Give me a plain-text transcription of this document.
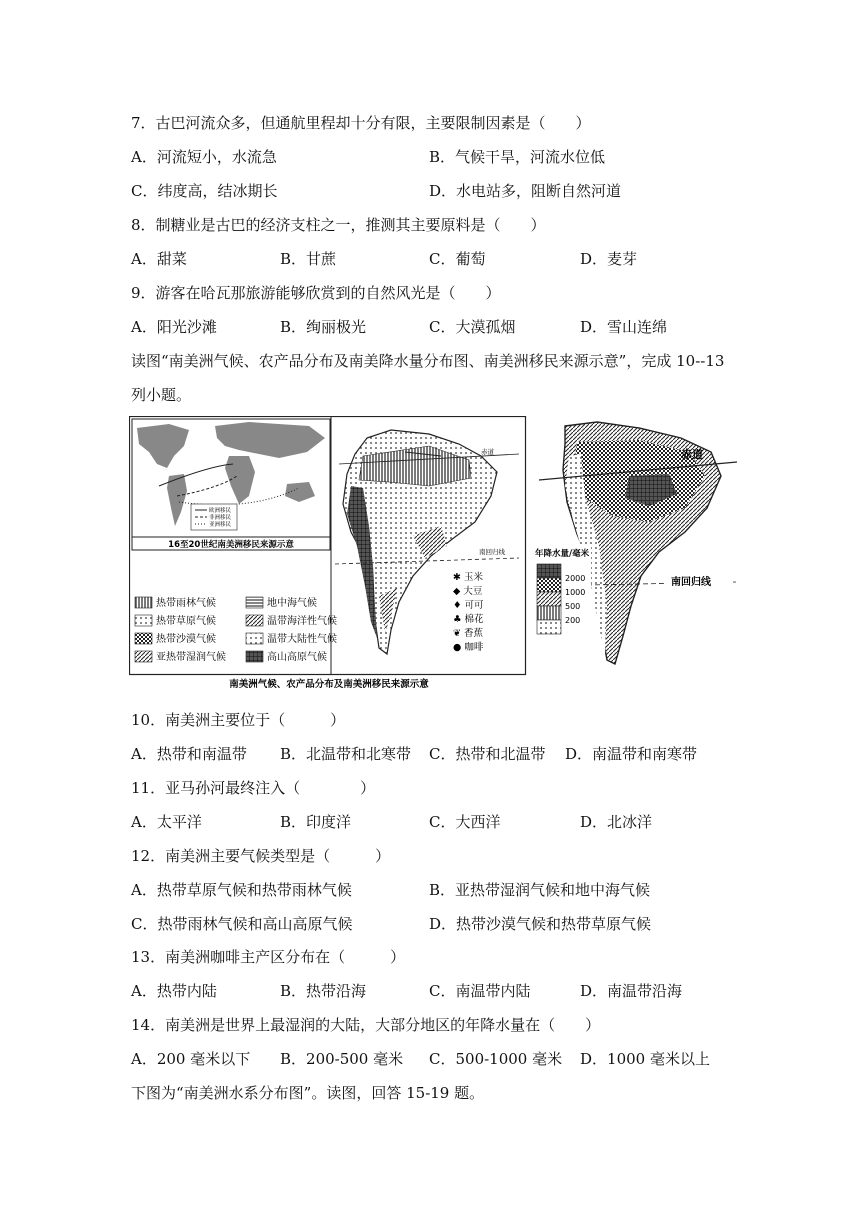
7．古巴河流众多，但通航里程却十分有限，主要限制因素是（　　）
A．河流短小，水流急	B．气候干旱，河流水位低
C．纬度高，结冰期长	D．水电站多，阻断自然河道
8．制糖业是古巴的经济支柱之一，推测其主要原料是（　　）
A．甜菜	B．甘蔗	C．葡萄	D．麦芽
9．游客在哈瓦那旅游能够欣赏到的自然风光是（　　）
A．阳光沙滩	B．绚丽极光	C．大漠孤烟	D．雪山连绵
读图“南美洲气候、农产品分布及南美降水量分布图、南美洲移民来源示意”，完成 10--13
列小题。
欧洲移民
非洲移民
亚洲移民
16至20世纪南美洲移民来源示意
热带雨林气候
热带草原气候
热带沙漠气候
亚热带湿润气候
地中海气候
温带海洋性气候
温带大陆性气候
高山高原气候
赤道
南回归线
✱ 玉米
◆ 大豆
♦ 可可
♣ 棉花
❦ 香蕉
● 咖啡
南美洲气候、农产品分布及南美洲移民来源示意
赤道
南回归线
年降水量/毫米
2000
1000
500
200
10．南美洲主要位于（　　　）
A．热带和南温带 B．北温带和北寒带 C．热带和北温带 D．南温带和南寒带
11．亚马孙河最终注入（　　　　）
A．太平洋	B．印度洋	C．大西洋	D．北冰洋
12．南美洲主要气候类型是（　　　）
A．热带草原气候和热带雨林气候	B．亚热带湿润气候和地中海气候
C．热带雨林气候和高山高原气候	D．热带沙漠气候和热带草原气候
13．南美洲咖啡主产区分布在（　　　）
A．热带内陆	B．热带沿海	C．南温带内陆	D．南温带沿海
14．南美洲是世界上最湿润的大陆，大部分地区的年降水量在（　　）
A．200 毫米以下 B．200-500 毫米 C．500-1000 毫米 D．1000 毫米以上
下图为“南美洲水系分布图”。读图，回答 15-19 题。
